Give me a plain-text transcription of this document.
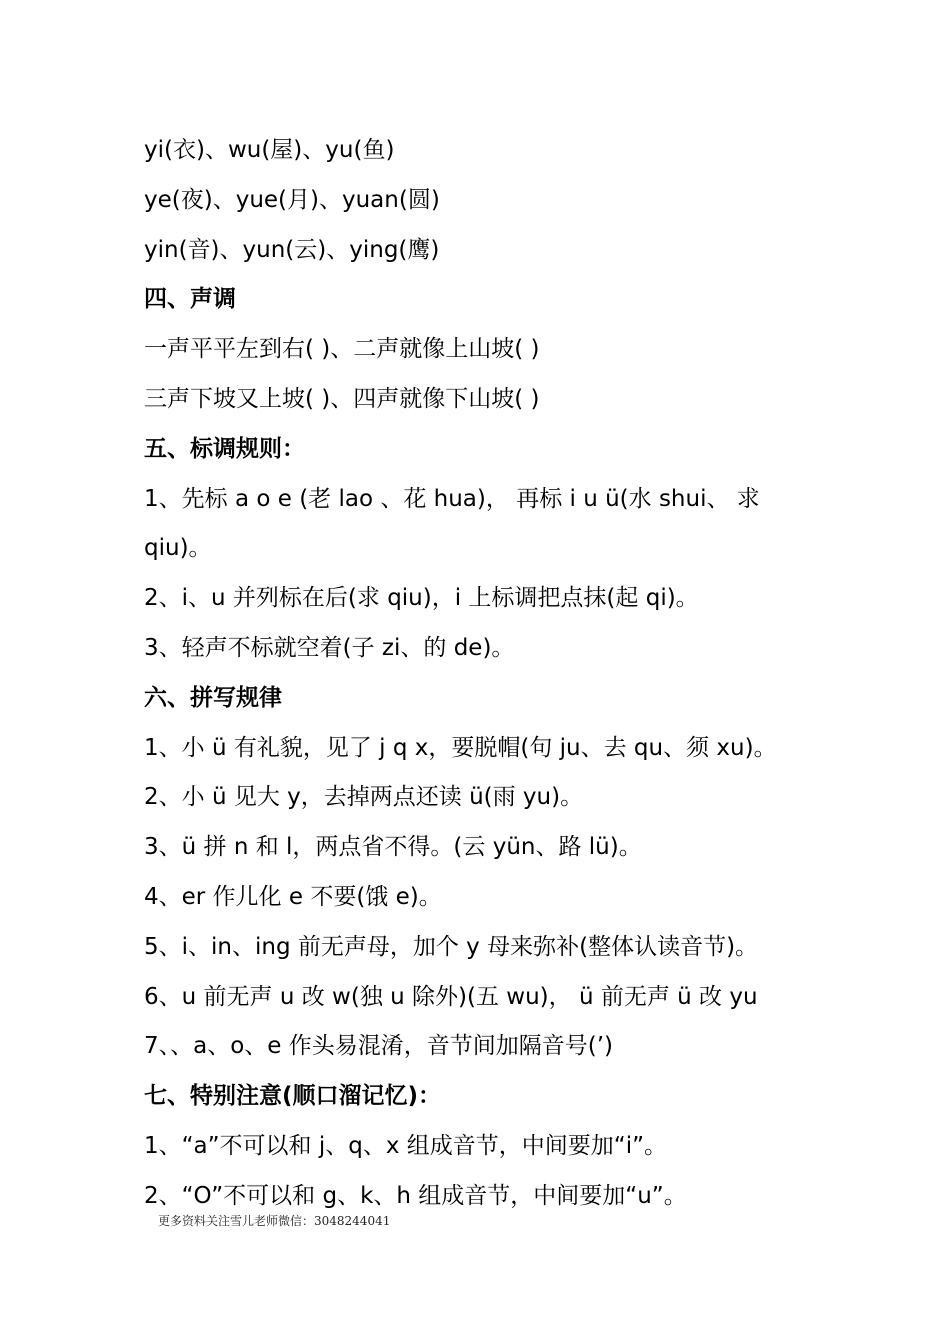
yi(衣)、wu(屋)、yu(鱼)
ye(夜)、yue(月)、yuan(圆)
yin(音)、yun(云)、ying(鹰)
四、声调
一声平平左到右( )、二声就像上山坡( )
三声下坡又上坡( )、四声就像下山坡( )
五、标调规则：
1、先标 a o e (老 lao 、花 hua)， 再标 i u ü(水 shui、 求
qiu)。
2、i、u 并列标在后(求 qiu)，i 上标调把点抹(起 qi)。
3、轻声不标就空着(子 zi、的 de)。
六、拼写规律
1、小 ü 有礼貌，见了 j q x，要脱帽(句 ju、去 qu、须 xu)。
2、小 ü 见大 y，去掉两点还读 ü(雨 yu)。
3、ü 拼 n 和 l，两点省不得。(云 yün、路 lü)。
4、er 作儿化 e 不要(饿 e)。
5、i、in、ing 前无声母，加个 y 母来弥补(整体认读音节)。
6、u 前无声 u 改 w(独 u 除外)(五 wu)， ü 前无声 ü 改 yu
7、、a、o、e 作头易混淆，音节间加隔音号(’)
七、特别注意(顺口溜记忆)：
1、“a”不可以和 j、q、x 组成音节，中间要加“i”。
2、“O”不可以和 g、k、h 组成音节，中间要加“u”。
更多资料关注雪儿老师微信：3048244041
